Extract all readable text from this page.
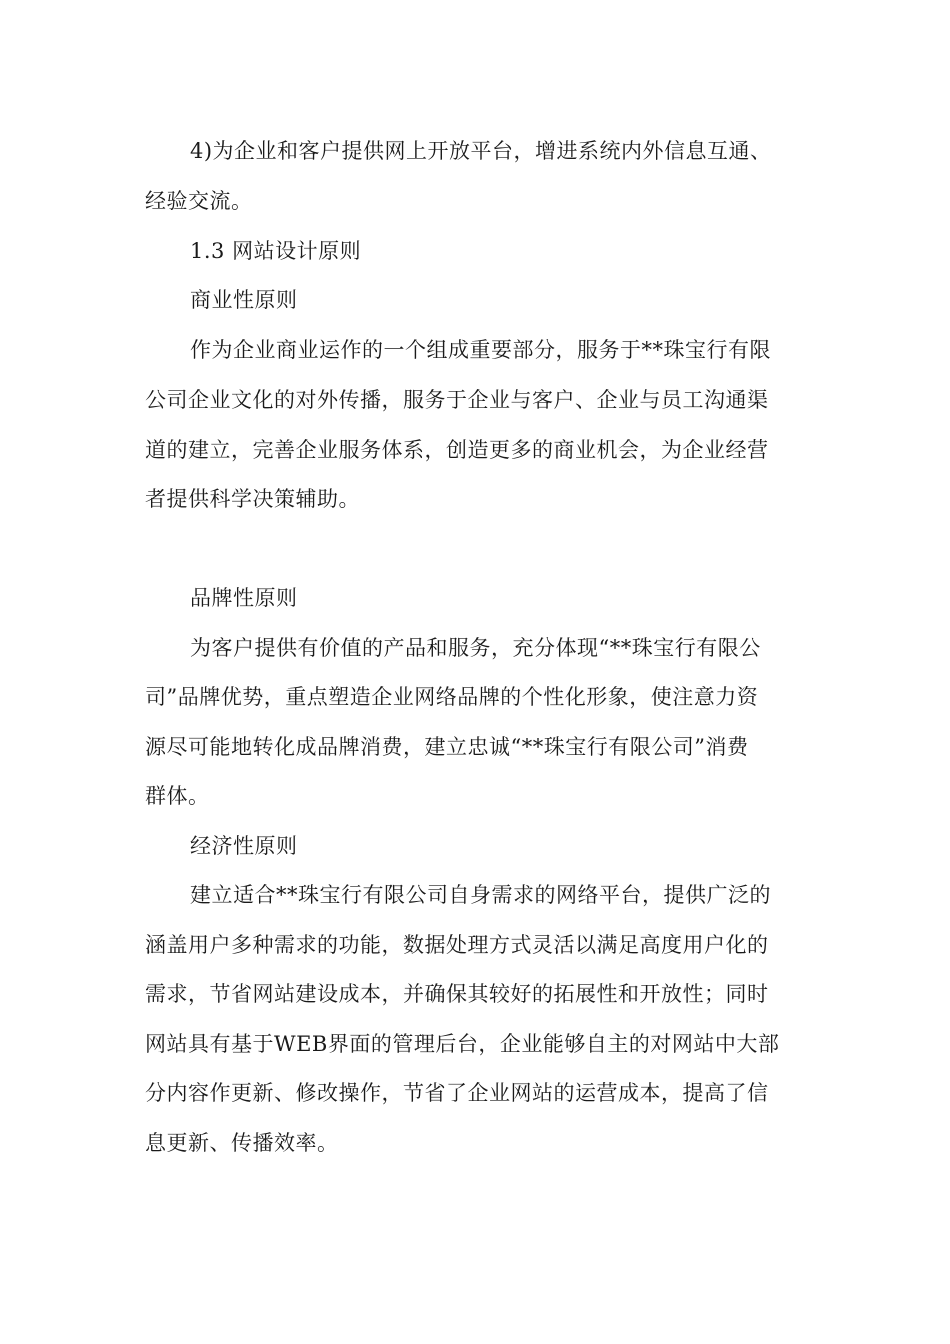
4)为企业和客户提供网上开放平台，增进系统内外信息互通、
经验交流。
1.3 网站设计原则
商业性原则
作为企业商业运作的一个组成重要部分，服务于**珠宝行有限
公司企业文化的对外传播，服务于企业与客户、企业与员工沟通渠
道的建立，完善企业服务体系，创造更多的商业机会，为企业经营
者提供科学决策辅助。
品牌性原则
为客户提供有价值的产品和服务，充分体现“**珠宝行有限公
司”品牌优势，重点塑造企业网络品牌的个性化形象，使注意力资
源尽可能地转化成品牌消费，建立忠诚“**珠宝行有限公司”消费
群体。
经济性原则
建立适合**珠宝行有限公司自身需求的网络平台，提供广泛的
涵盖用户多种需求的功能，数据处理方式灵活以满足高度用户化的
需求，节省网站建设成本，并确保其较好的拓展性和开放性；同时
网站具有基于WEB界面的管理后台，企业能够自主的对网站中大部
分内容作更新、修改操作，节省了企业网站的运营成本，提高了信
息更新、传播效率。
